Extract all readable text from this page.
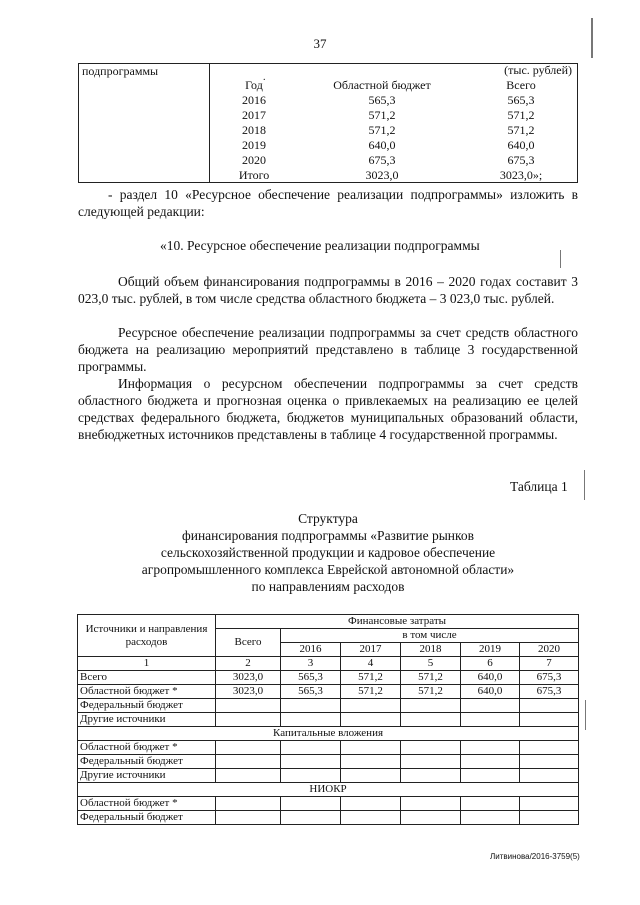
37
подпрограммы	.
(тыс. рублей)		
Год	Областной бюджет	Всего
2016	565,3	565,3
2017	571,2	571,2
2018	571,2	571,2
2019	640,0	640,0
2020	675,3	675,3
Итого	3023,0	3023,0»;
- раздел 10 «Ресурсное обеспечение реализации подпрограммы» изложить в следующей редакции:
«10. Ресурсное обеспечение реализации подпрограммы
Общий объем финансирования подпрограммы в 2016 – 2020 годах составит 3 023,0 тыс. рублей, в том числе средства областного бюджета – 3 023,0 тыс. рублей.
Ресурсное обеспечение реализации подпрограммы за счет средств областного бюджета на реализацию мероприятий представлено в таблице 3 государственной программы.
Информация о ресурсном обеспечении подпрограммы за счет средств областного бюджета и прогнозная оценка о привлекаемых на реализацию ее целей средствах федерального бюджета, бюджетов муниципальных образований области, внебюджетных источников представлены в таблице 4 государственной программы.
Таблица 1
Структура
финансирования подпрограммы «Развитие рынков
сельскохозяйственной продукции и кадровое обеспечение
агропромышленного комплекса Еврейской автономной области»
по направлениям расходов
Источники и направления расходов	Финансовые затраты					
	Всего	в том числе				
		2016	2017	2018	2019	2020
1	2	3	4	5	6	7
Всего	3023,0	565,3	571,2	571,2	640,0	675,3
Областной бюджет *	3023,0	565,3	571,2	571,2	640,0	675,3
Федеральный бюджет						
Другие источники						
Капитальные вложения						
Областной бюджет *						
Федеральный бюджет						
Другие источники						
НИОКР						
Областной бюджет *						
Федеральный бюджет						
Литвинова/2016-3759(5)
